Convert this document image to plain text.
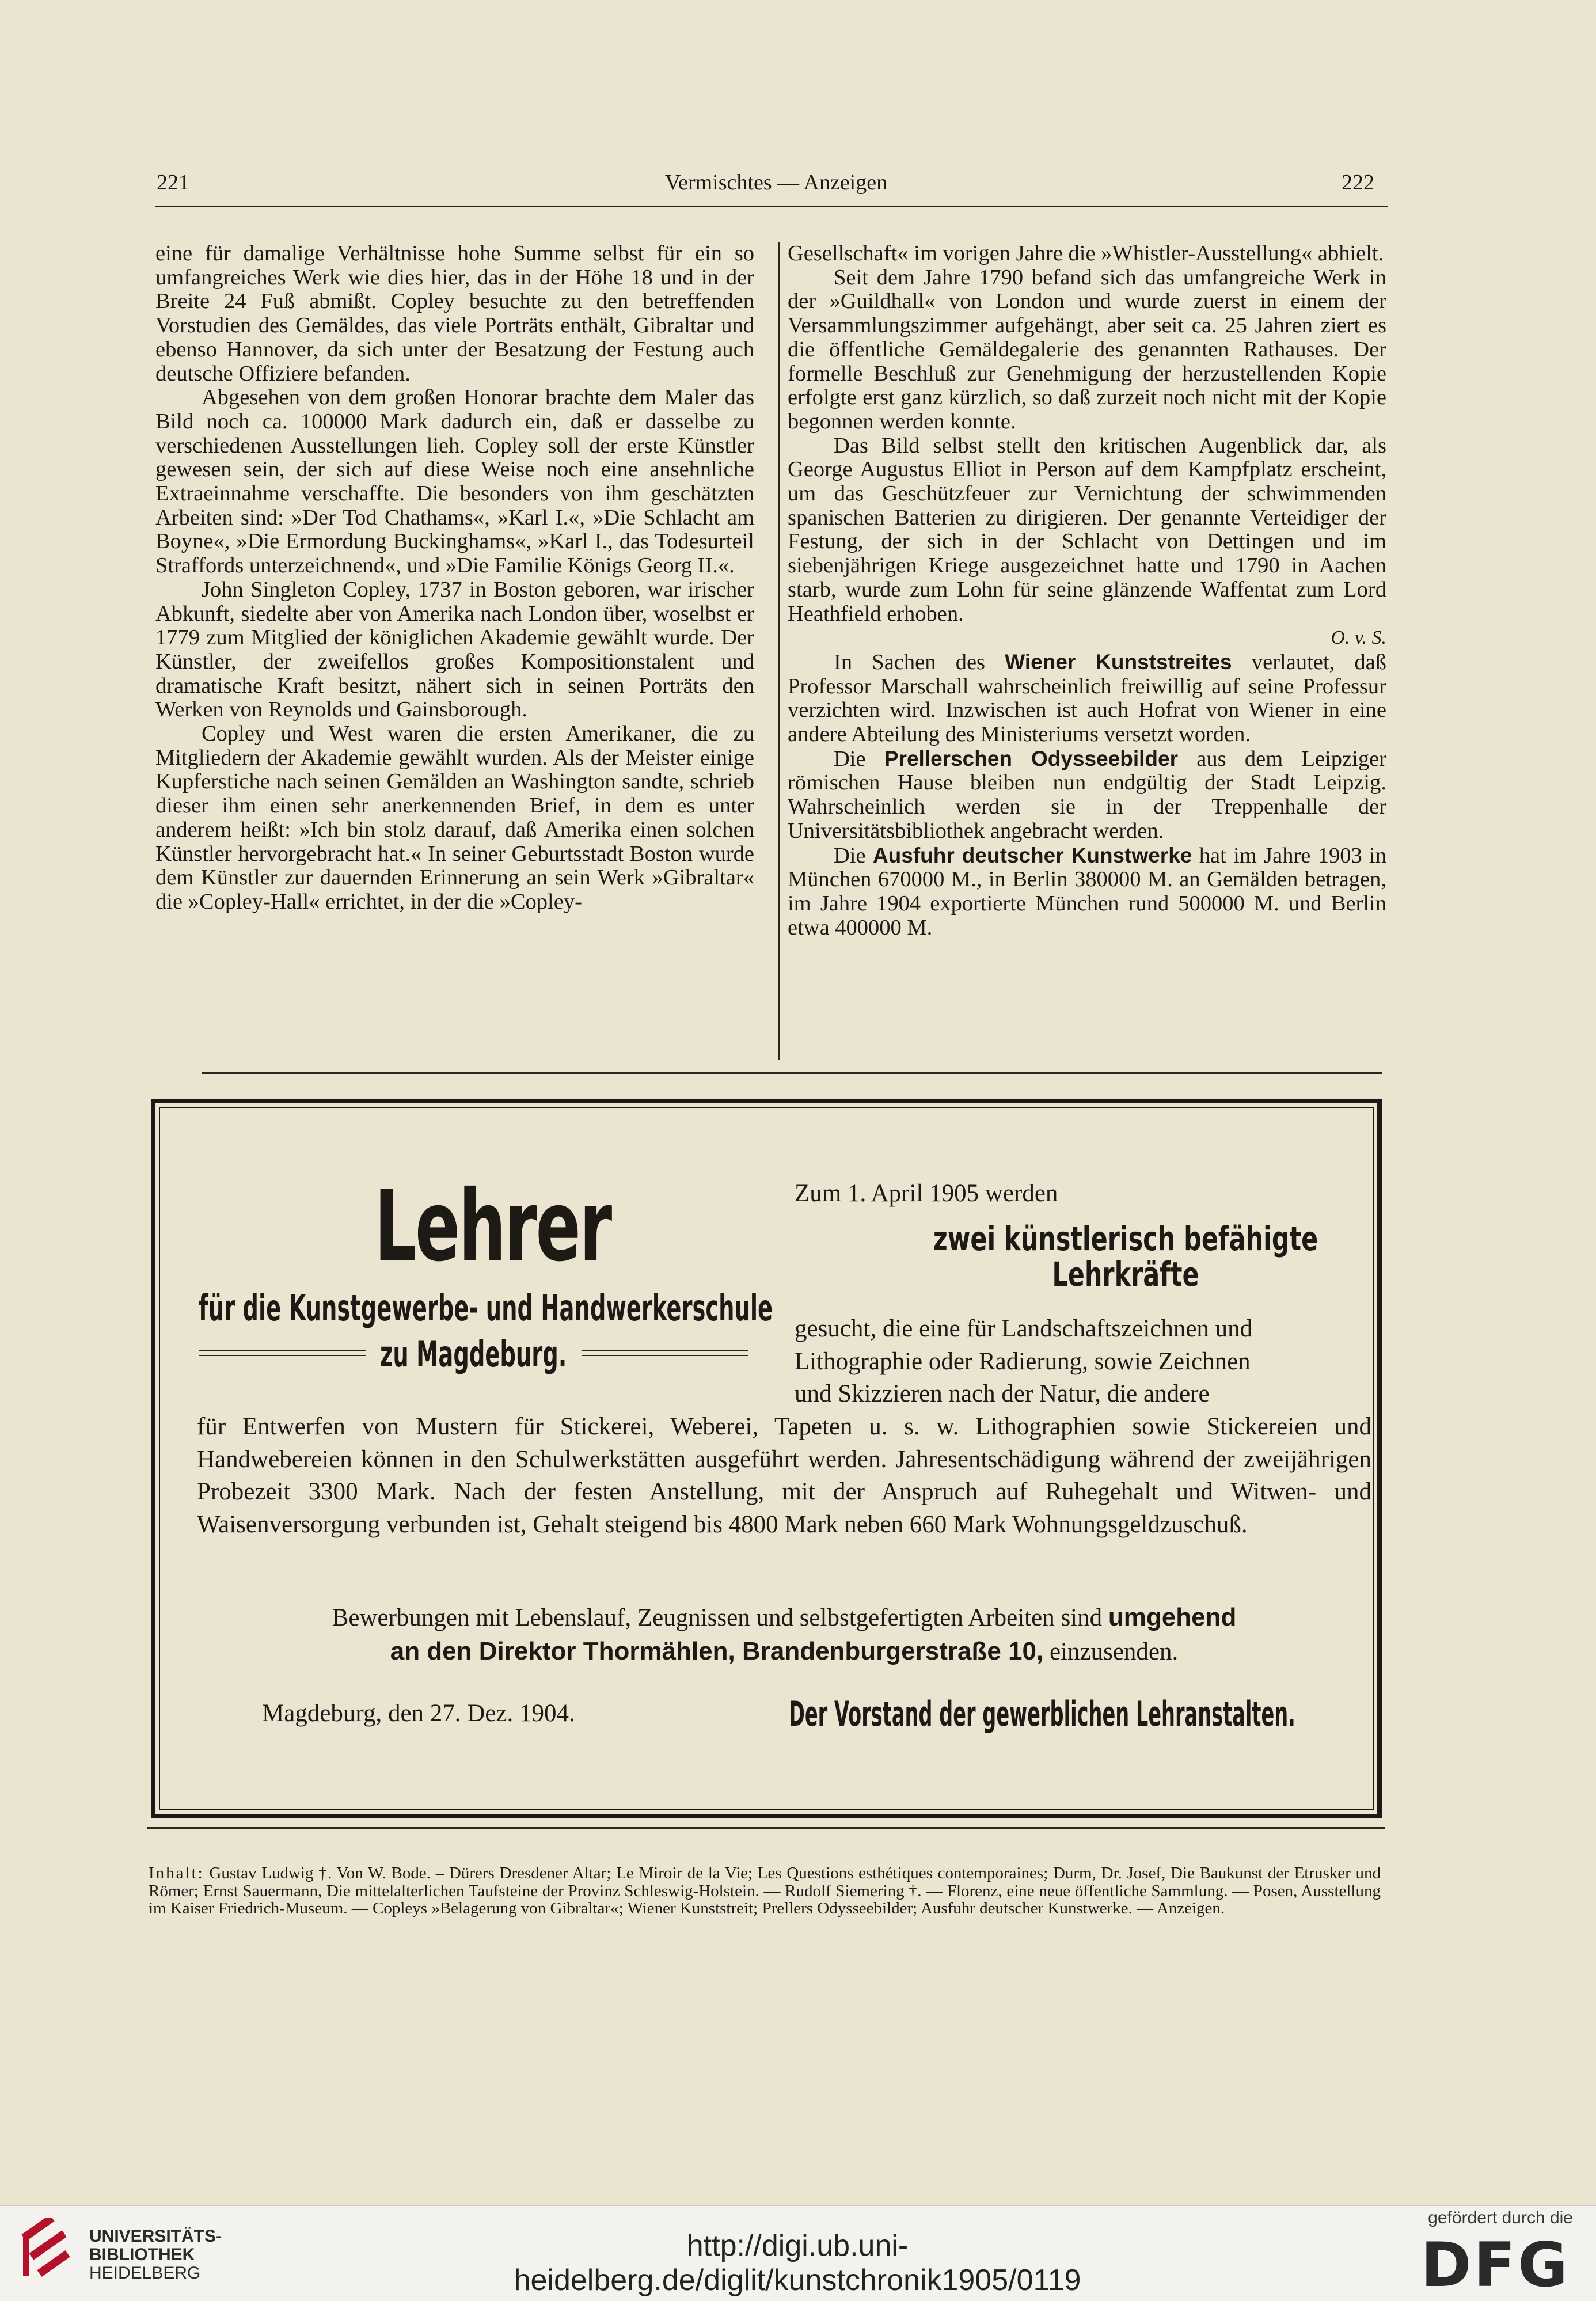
221	Vermischtes — Anzeigen	222

eine für damalige Verhältnisse hohe Summe selbst für ein so umfangreiches Werk wie dies hier, das in der Höhe 18 und in der Breite 24 Fuß abmißt. Copley besuchte zu den betreffenden Vorstudien des Gemäldes, das viele Porträts enthält, Gibraltar und ebenso Hannover, da sich unter der Besatzung der Festung auch deutsche Offiziere befanden.

Abgesehen von dem großen Honorar brachte dem Maler das Bild noch ca. 100000 Mark dadurch ein, daß er dasselbe zu verschiedenen Ausstellungen lieh. Copley soll der erste Künstler gewesen sein, der sich auf diese Weise noch eine ansehnliche Extraeinnahme verschaffte. Die besonders von ihm geschätzten Arbeiten sind: »Der Tod Chathams«, »Karl I.«, »Die Schlacht am Boyne«, »Die Ermordung Buckinghams«, »Karl I., das Todesurteil Straffords unterzeichnend«, und »Die Familie Königs Georg II.«.

John Singleton Copley, 1737 in Boston geboren, war irischer Abkunft, siedelte aber von Amerika nach London über, woselbst er 1779 zum Mitglied der königlichen Akademie gewählt wurde. Der Künstler, der zweifellos großes Kompositionstalent und dramatische Kraft besitzt, nähert sich in seinen Porträts den Werken von Reynolds und Gainsborough.

Copley und West waren die ersten Amerikaner, die zu Mitgliedern der Akademie gewählt wurden. Als der Meister einige Kupferstiche nach seinen Gemälden an Washington sandte, schrieb dieser ihm einen sehr anerkennenden Brief, in dem es unter anderem heißt: »Ich bin stolz darauf, daß Amerika einen solchen Künstler hervorgebracht hat.« In seiner Geburtsstadt Boston wurde dem Künstler zur dauernden Erinnerung an sein Werk »Gibraltar« die »Copley-Hall« errichtet, in der die »Copley-

Gesellschaft« im vorigen Jahre die »Whistler-Ausstellung« abhielt.

Seit dem Jahre 1790 befand sich das umfangreiche Werk in der »Guildhall« von London und wurde zuerst in einem der Versammlungszimmer aufgehängt, aber seit ca. 25 Jahren ziert es die öffentliche Gemäldegalerie des genannten Rathauses. Der formelle Beschluß zur Genehmigung der herzustellenden Kopie erfolgte erst ganz kürzlich, so daß zurzeit noch nicht mit der Kopie begonnen werden konnte.

Das Bild selbst stellt den kritischen Augenblick dar, als George Augustus Elliot in Person auf dem Kampfplatz erscheint, um das Geschützfeuer zur Vernichtung der schwimmenden spanischen Batterien zu dirigieren. Der genannte Verteidiger der Festung, der sich in der Schlacht von Dettingen und im siebenjährigen Kriege ausgezeichnet hatte und 1790 in Aachen starb, wurde zum Lohn für seine glänzende Waffentat zum Lord Heathfield erhoben.

O. v. S.

In Sachen des Wiener Kunststreites verlautet, daß Professor Marschall wahrscheinlich freiwillig auf seine Professur verzichten wird. Inzwischen ist auch Hofrat von Wiener in eine andere Abteilung des Ministeriums versetzt worden.

Die Prellerschen Odysseebilder aus dem Leipziger römischen Hause bleiben nun endgültig der Stadt Leipzig. Wahrscheinlich werden sie in der Treppenhalle der Universitätsbibliothek angebracht werden.

Die Ausfuhr deutscher Kunstwerke hat im Jahre 1903 in München 670000 M., in Berlin 380000 M. an Gemälden betragen, im Jahre 1904 exportierte München rund 500000 M. und Berlin etwa 400000 M.

Lehrer
für die Kunstgewerbe- und Handwerkerschule
zu Magdeburg.
Zum 1. April 1905 werden
zwei künstlerisch befähigte
Lehrkräfte
gesucht, die eine für Landschaftszeichnen und
Lithographie oder Radierung, sowie Zeichnen
und Skizzieren nach der Natur, die andere
für Entwerfen von Mustern für Stickerei, Weberei, Tapeten u. s. w. Lithographien sowie Stickereien und Handwebereien können in den Schulwerkstätten ausgeführt werden. Jahresentschädigung während der zweijährigen Probezeit 3300 Mark. Nach der festen Anstellung, mit der Anspruch auf Ruhegehalt und Witwen- und Waisenversorgung verbunden ist, Gehalt steigend bis 4800 Mark neben 660 Mark Wohnungsgeldzuschuß.
Bewerbungen mit Lebenslauf, Zeugnissen und selbstgefertigten Arbeiten sind umgehend
an den Direktor Thormählen, Brandenburgerstraße 10, einzusenden.
Magdeburg, den 27. Dez. 1904.	Der Vorstand der gewerblichen Lehranstalten.
Inhalt: Gustav Ludwig †. Von W. Bode. – Dürers Dresdener Altar; Le Miroir de la Vie; Les Questions esthétiques contemporaines; Durm, Dr. Josef, Die Baukunst der Etrusker und Römer; Ernst Sauermann, Die mittelalterlichen Taufsteine der Provinz Schleswig-Holstein. — Rudolf Siemering †. — Florenz, eine neue öffentliche Sammlung. — Posen, Ausstellung im Kaiser Friedrich-Museum. — Copleys »Belagerung von Gibraltar«; Wiener Kunststreit; Prellers Odysseebilder; Ausfuhr deutscher Kunstwerke. — Anzeigen.
UNIVERSITÄTS-
BIBLIOTHEK
HEIDELBERG
http://digi.ub.uni-heidelberg.de/diglit/kunstchronik1905/0119
gefördert durch die
DFG
